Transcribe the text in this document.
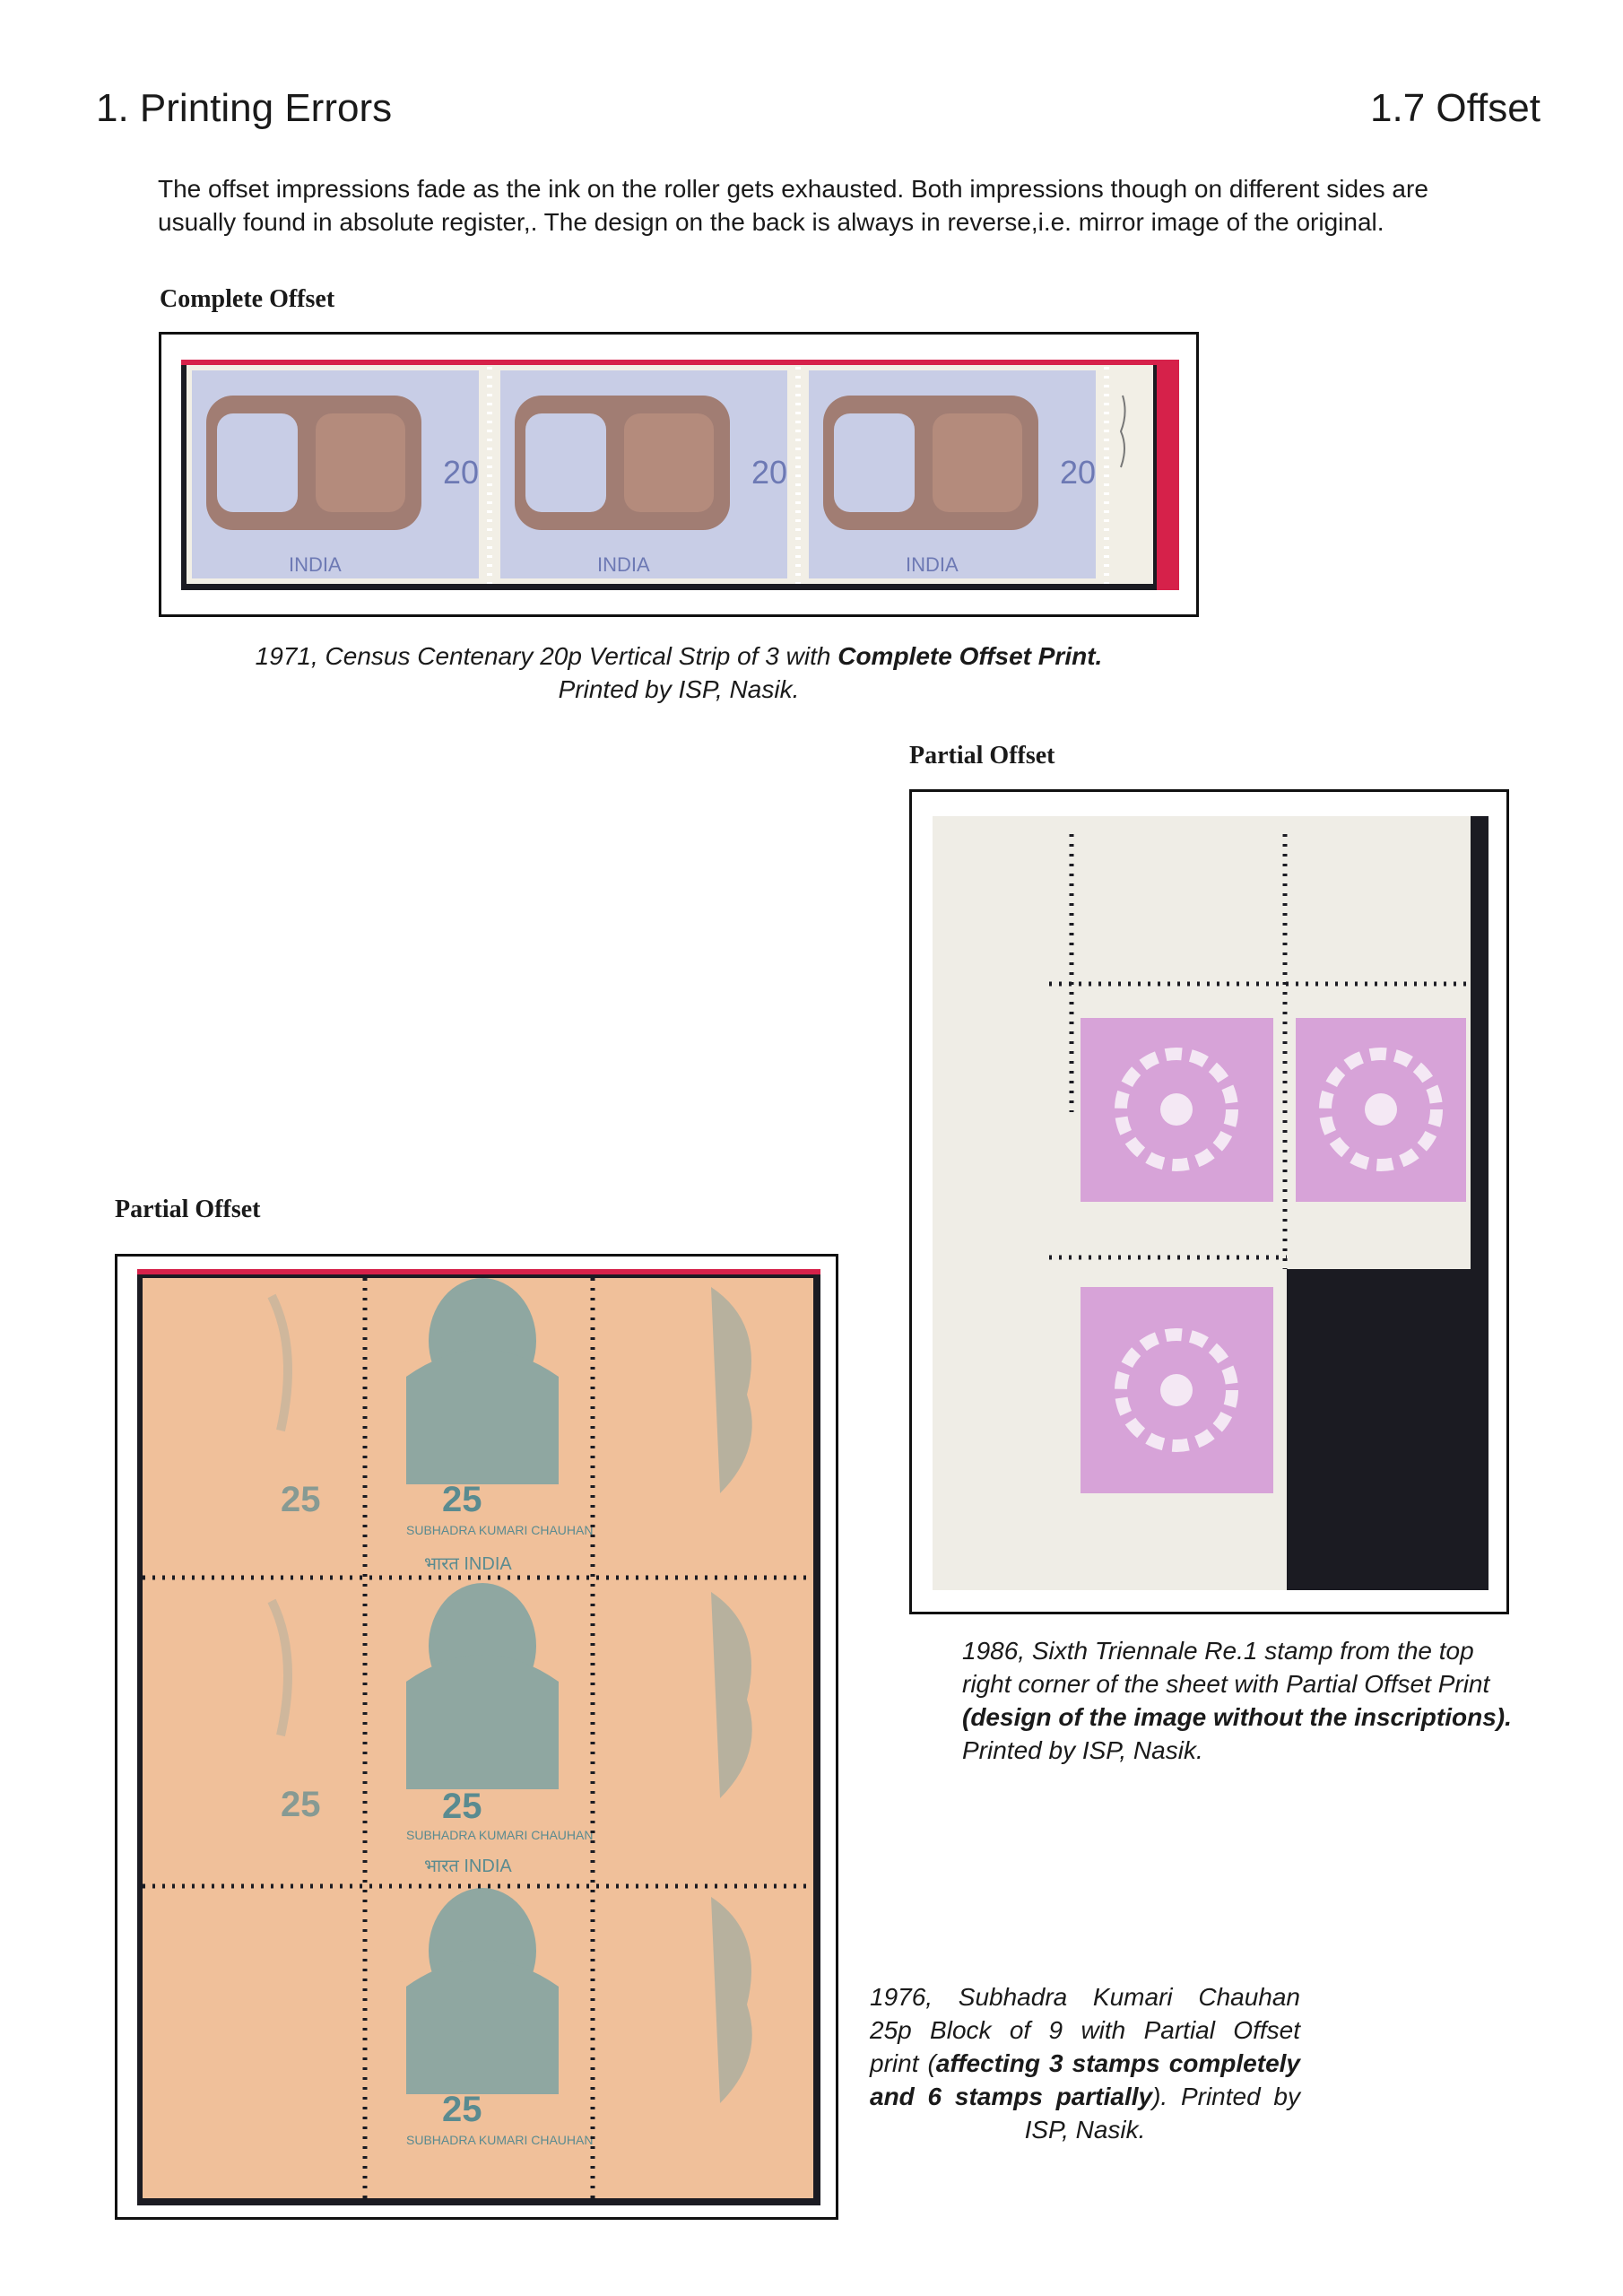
1. Printing Errors	1.7 Offset
The offset impressions fade as the ink on the roller gets exhausted. Both impressions though on different sides are
usually found in absolute register,. The design on the back is always in reverse,i.e. mirror image of the original.
Complete Offset
20
INDIA
20
INDIA
20
INDIA
1971, Census Centenary 20p Vertical Strip of 3 with Complete Offset Print.
Printed by ISP, Nasik.
Partial Offset
1986, Sixth Triennale Re.1 stamp from the top
right corner of the sheet with Partial Offset Print
(design of the image without the inscriptions).
Printed by ISP, Nasik.
Partial Offset
25
भारत INDIA
25
भारत INDIA
25
25
25
SUBHADRA KUMARI CHAUHAN
SUBHADRA KUMARI CHAUHAN
SUBHADRA KUMARI CHAUHAN
1976, Subhadra Kumari Chauhan
25p Block of 9 with Partial Offset
print (affecting 3 stamps completely
and 6 stamps partially). Printed by
ISP, Nasik.
